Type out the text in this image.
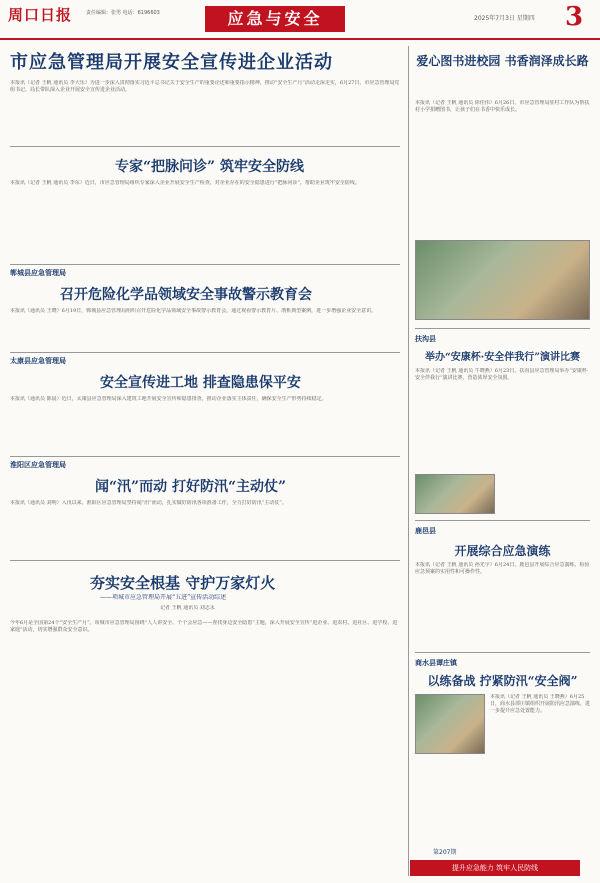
周口日报	责任编辑：张男 电话：6196603	应急与安全	2025年7月3日 星期四 3
市应急管理局开展安全宣传进企业活动
本报讯（记者 王帆 通讯员 李大乐）为进一步深入贯彻落实习近平总书记关于安全生产的重要论述和重要指示精神，推动“安全生产月”活动走深走实，6月27日，市应急管理局党组书记、局长带队深入企业开展安全宣传进企业活动。
专家“把脉问诊” 筑牢安全防线
本报讯（记者 王帆 通讯员 李东）近日，市应急管理局组织专家深入企业开展安全生产检查，对企业存在的安全隐患进行“把脉问诊”，帮助企业筑牢安全防线。
郸城县应急管理局
召开危险化学品领域安全事故警示教育会
本报讯（通讯员 王晓）6月19日，郸城县应急管理局组织召开危险化学品领域安全事故警示教育会，通过观看警示教育片、剖析典型案例，进一步增强企业安全意识。
太康县应急管理局
安全宣传进工地 排查隐患保平安
本报讯（通讯员 陈晨）近日，太康县应急管理局深入建筑工地开展安全宣传和隐患排查，推动企业落实主体责任，确保安全生产形势持续稳定。
淮阳区应急管理局
闻“汛”而动 打好防汛“主动仗”
本报讯（通讯员 刘明）入汛以来，淮阳区应急管理局坚持闻“汛”而动，扎实做好防汛各项准备工作，全力打好防汛“主动仗”。
夯实安全根基 守护万家灯火
——项城市应急管理局开展“五进”宣传活动综述
记者 王帆 通讯员 刘志永
今年6月是全国第24个“安全生产月”。项城市应急管理局围绕“人人讲安全、个个会应急——查找身边安全隐患”主题，深入开展安全宣传“进企业、进农村、进社区、进学校、进家庭”活动，切实增强群众安全意识。
爱心图书进校园 书香润泽成长路
本报讯（记者 王帆 通讯员 徐佳伟）6月26日，市应急管理局驻村工作队为帮扶村小学捐赠图书，让孩子们在书香中快乐成长。
扶沟县
举办“安康杯·安全伴我行”演讲比赛
本报讯（记者 王帆 通讯员 牛晓燕）6月23日，扶沟县应急管理局举办“安康杯·安全伴我行”演讲比赛，营造浓厚安全氛围。
鹿邑县
开展综合应急演练
本报讯（记者 王帆 通讯员 孙光宇）6月24日，鹿邑县开展综合应急演练，检验应急预案的实用性和可操作性。
商水县谭庄镇
以练备战 拧紧防汛“安全阀”
本报讯（记者 王帆 通讯员 王晓燕）6月25日，商水县谭庄镇组织开展防汛应急演练，进一步提升应急处置能力。
第207期
提升应急能力 筑牢人民防线
